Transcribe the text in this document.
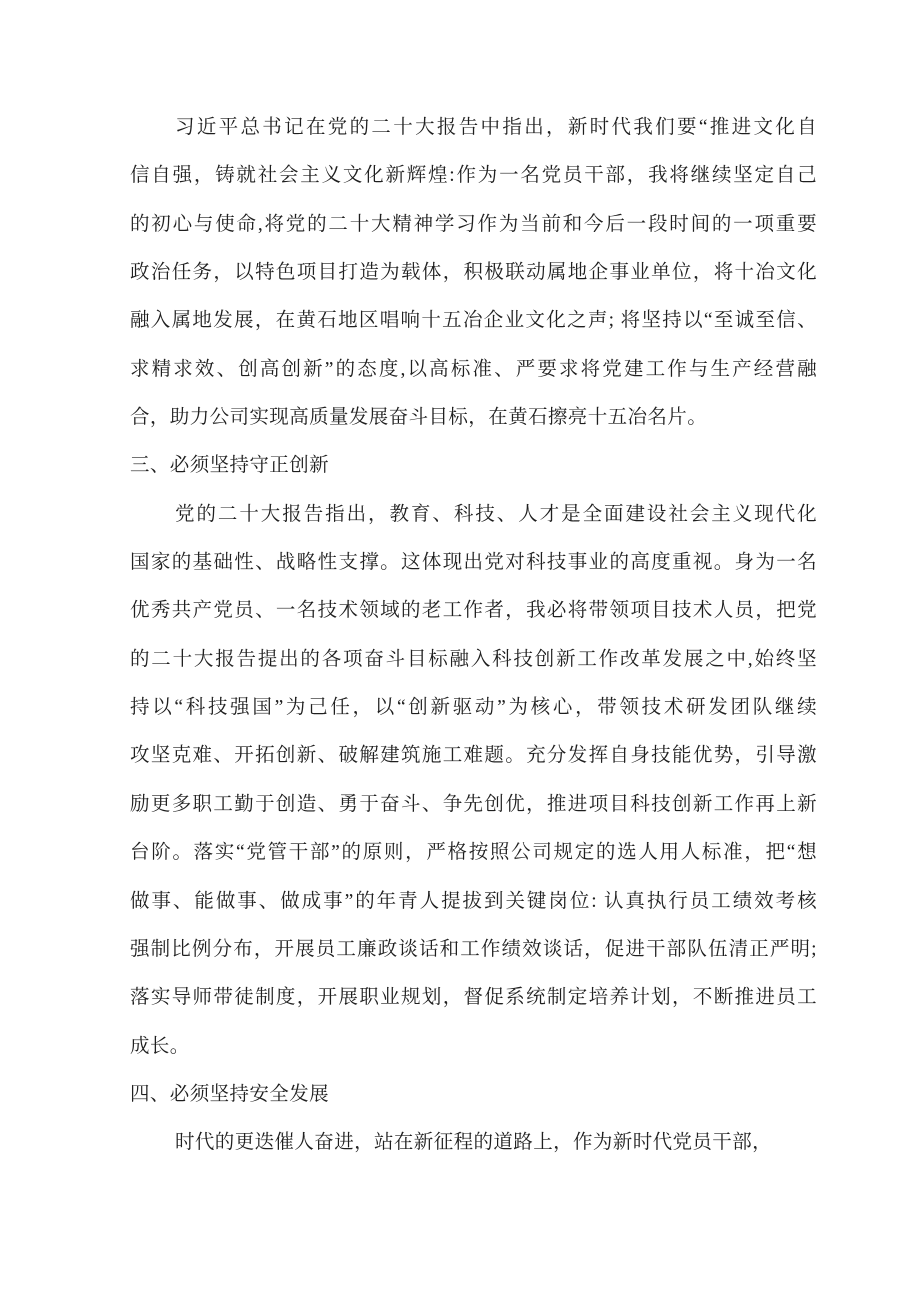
习近平总书记在党的二十大报告中指出，新时代我们要“推进文化自
信自强，铸就社会主义文化新辉煌:作为一名党员干部，我将继续坚定自己
的初心与使命,将党的二十大精神学习作为当前和今后一段时间的一项重要
政治任务，以特色项目打造为载体，积极联动属地企事业单位，将十冶文化
融入属地发展，在黄石地区唱响十五冶企业文化之声; 将坚持以“至诚至信、
求精求效、创高创新”的态度,以高标准、严要求将党建工作与生产经营融
合，助力公司实现高质量发展奋斗目标，在黄石擦亮十五冶名片。
三、必须坚持守正创新
党的二十大报告指出，教育、科技、人才是全面建设社会主义现代化
国家的基础性、战略性支撑。这体现出党对科技事业的高度重视。身为一名
优秀共产党员、一名技术领域的老工作者，我必将带领项目技术人员，把党
的二十大报告提出的各项奋斗目标融入科技创新工作改革发展之中,始终坚
持以“科技强国”为己任，以“创新驱动”为核心，带领技术研发团队继续
攻坚克难、开拓创新、破解建筑施工难题。充分发挥自身技能优势，引导激
励更多职工勤于创造、勇于奋斗、争先创优，推进项目科技创新工作再上新
台阶。落实“党管干部”的原则，严格按照公司规定的选人用人标准，把“想
做事、能做事、做成事”的年青人提拔到关键岗位: 认真执行员工绩效考核
强制比例分布，开展员工廉政谈话和工作绩效谈话，促进干部队伍清正严明;
落实导师带徒制度，开展职业规划，督促系统制定培养计划，不断推进员工
成长。
四、必须坚持安全发展
时代的更迭催人奋进，站在新征程的道路上，作为新时代党员干部，
